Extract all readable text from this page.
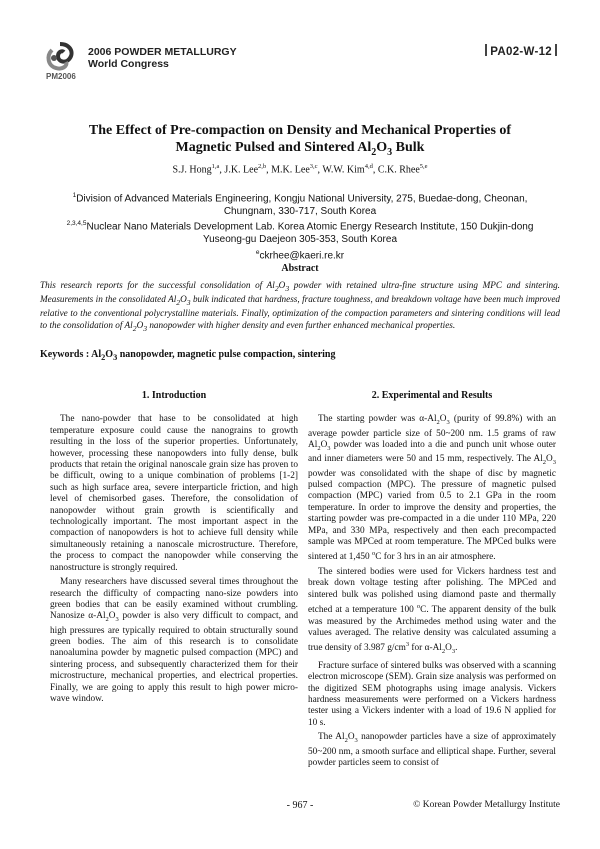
PM2006
2006 POWDER METALLURGY
World Congress
PA02-W-12
The Effect of Pre-compaction on Density and Mechanical Properties of
Magnetic Pulsed and Sintered $Al_2O_3$ Bulk
S.J. Hong$^{1,a}$, J.K. Lee$^{2,b}$, M.K. Lee$^{3,c}$, W.W. Kim$^{4,d}$, C.K. Rhee$^{5,e}$
$^1$Division of Advanced Materials Engineering, Kongju National University, 275, Buedae-dong, Cheonan,
Chungnam, 330-717, South Korea
$^{2,3,4,5}$Nuclear Nano Materials Development Lab. Korea Atomic Energy Research Institute, 150 Dukjin-dong
Yuseong-gu Daejeon 305-353, South Korea
$^e$ckrhee@kaeri.re.kr
Abstract
This research reports for the successful consolidation of $Al_2O_3$ powder with retained ultra-fine structure using MPC and sintering. Measurements in the consolidated $Al_2O_3$ bulk indicated that hardness, fracture toughness, and breakdown voltage have been much improved relative to the conventional polycrystalline materials. Finally, optimization of the compaction parameters and sintering conditions will lead to the consolidation of $Al_2O_3$ nanopowder with higher density and even further enhanced mechanical properties.
Keywords : $Al_2O_3$ nanopowder, magnetic pulse compaction, sintering
1. Introduction

The nano-powder that hase to be consolidated at high temperature exposure could cause the nanograins to growth resulting in the loss of the superior properties. Unfortunately, however, processing these nanopowders into fully dense, bulk products that retain the original nanoscale grain size has proven to be difficult, owing to a unique combination of problems [1-2] such as high surface area, severe interparticle friction, and high level of chemisorbed gases. Therefore, the consolidation of nanopowder without grain growth is scientifically and technologically important. The most important aspect in the compaction of nanopowders is hot to achieve full density while simultaneously retaining a nanoscale microstructure. Therefore, the process to compact the nanopowder while conserving the nanostructure is strongly required.

Many researchers have discussed several times throughout the research the difficulty of compacting nano-size powders into green bodies that can be easily examined without crumbling. Nanosize $\alpha-Al_2O_3$ powder is also very difficult to compact, and high pressures are typically required to obtain structurally sound green bodies. The aim of this research is to consolidate nanoalumina powder by magnetic pulsed compaction (MPC) and sintering process, and subsequently characterized them for their microstructure, mechanical properties, and electrical properties. Finally, we are going to apply this result to high power micro-wave window.

2. Experimental and Results

The starting powder was $\alpha-Al_2O_3$ (purity of 99.8%) with an average powder particle size of 50~200 nm. 1.5 grams of raw $Al_2O_3$ powder was loaded into a die and punch unit whose outer and inner diameters were 50 and 15 mm, respectively. The $Al_2O_3$ powder was consolidated with the shape of disc by magnetic pulsed compaction (MPC). The pressure of magnetic pulsed compaction (MPC) varied from 0.5 to 2.1 GPa in the room temperature. In order to improve the density and properties, the starting powder was pre-compacted in a die under 110 MPa, 220 MPa, and 330 MPa, respectively and then each precompacted sample was MPCed at room temperature. The MPCed bulks were sintered at 1,450 $^o$C for 3 hrs in an air atmosphere.

The sintered bodies were used for Vickers hardness test and break down voltage testing after polishing. The MPCed and sintered bulk was polished using diamond paste and thermally etched at a temperature 100 $^o$C. The apparent density of the bulk was measured by the Archimedes method using water and the values averaged. The relative density was calculated assuming a true density of 3.987 $g/cm^3$ for $\alpha-Al_2O_3$.

Fracture surface of sintered bulks was observed with a scanning electron microscope (SEM). Grain size analysis was performed on the digitized SEM photographs using image analysis. Vickers hardness measurements were performed on a Vickers hardness tester using a Vickers indenter with a load of 19.6 N applied for 10 s.

The $Al_2O_3$ nanopowder particles have a size of approximately 50~200 nm, a smooth surface and elliptical shape. Further, several powder particles seem to consist of

- 967 -	© Korean Powder Metallurgy Institute
